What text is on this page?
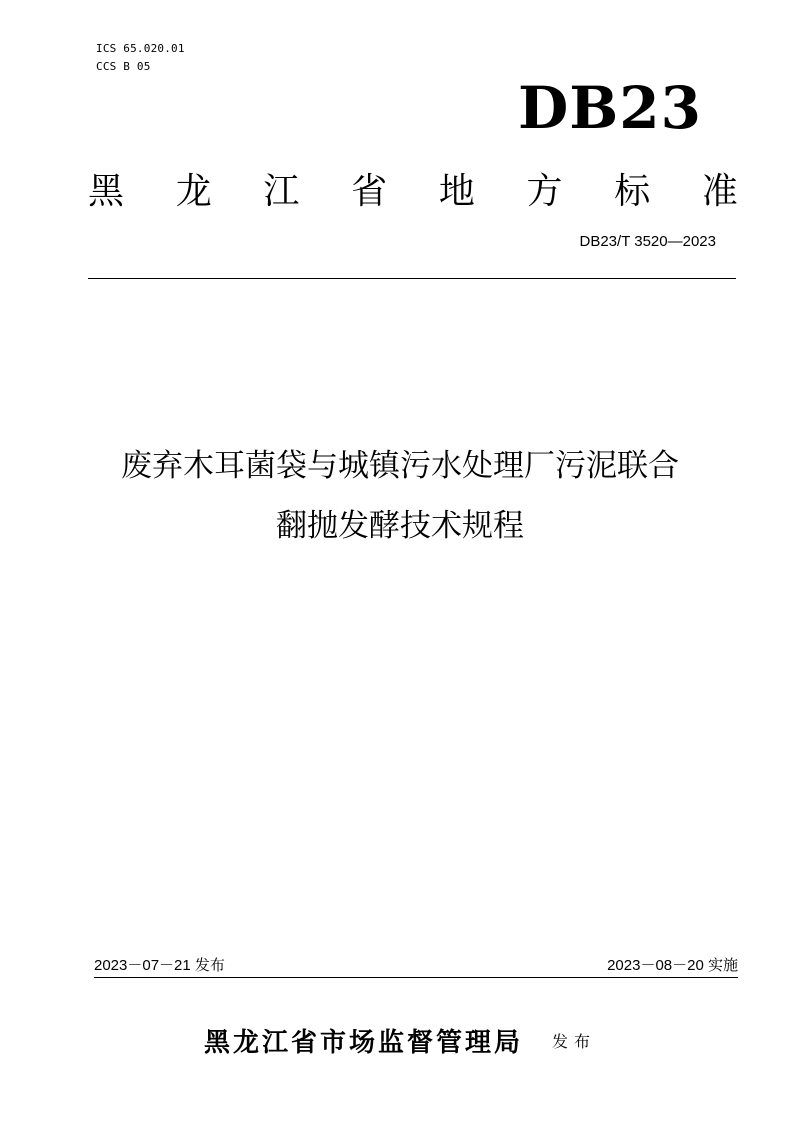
ICS 65.020.01
CCS B 05
DB23
黑 龙 江 省 地 方 标 准
DB23/T 3520—2023
废弃木耳菌袋与城镇污水处理厂污泥联合
翻抛发酵技术规程
2023－07－21 发布	2023－08－20 实施
黑龙江省市场监督管理局 发布
